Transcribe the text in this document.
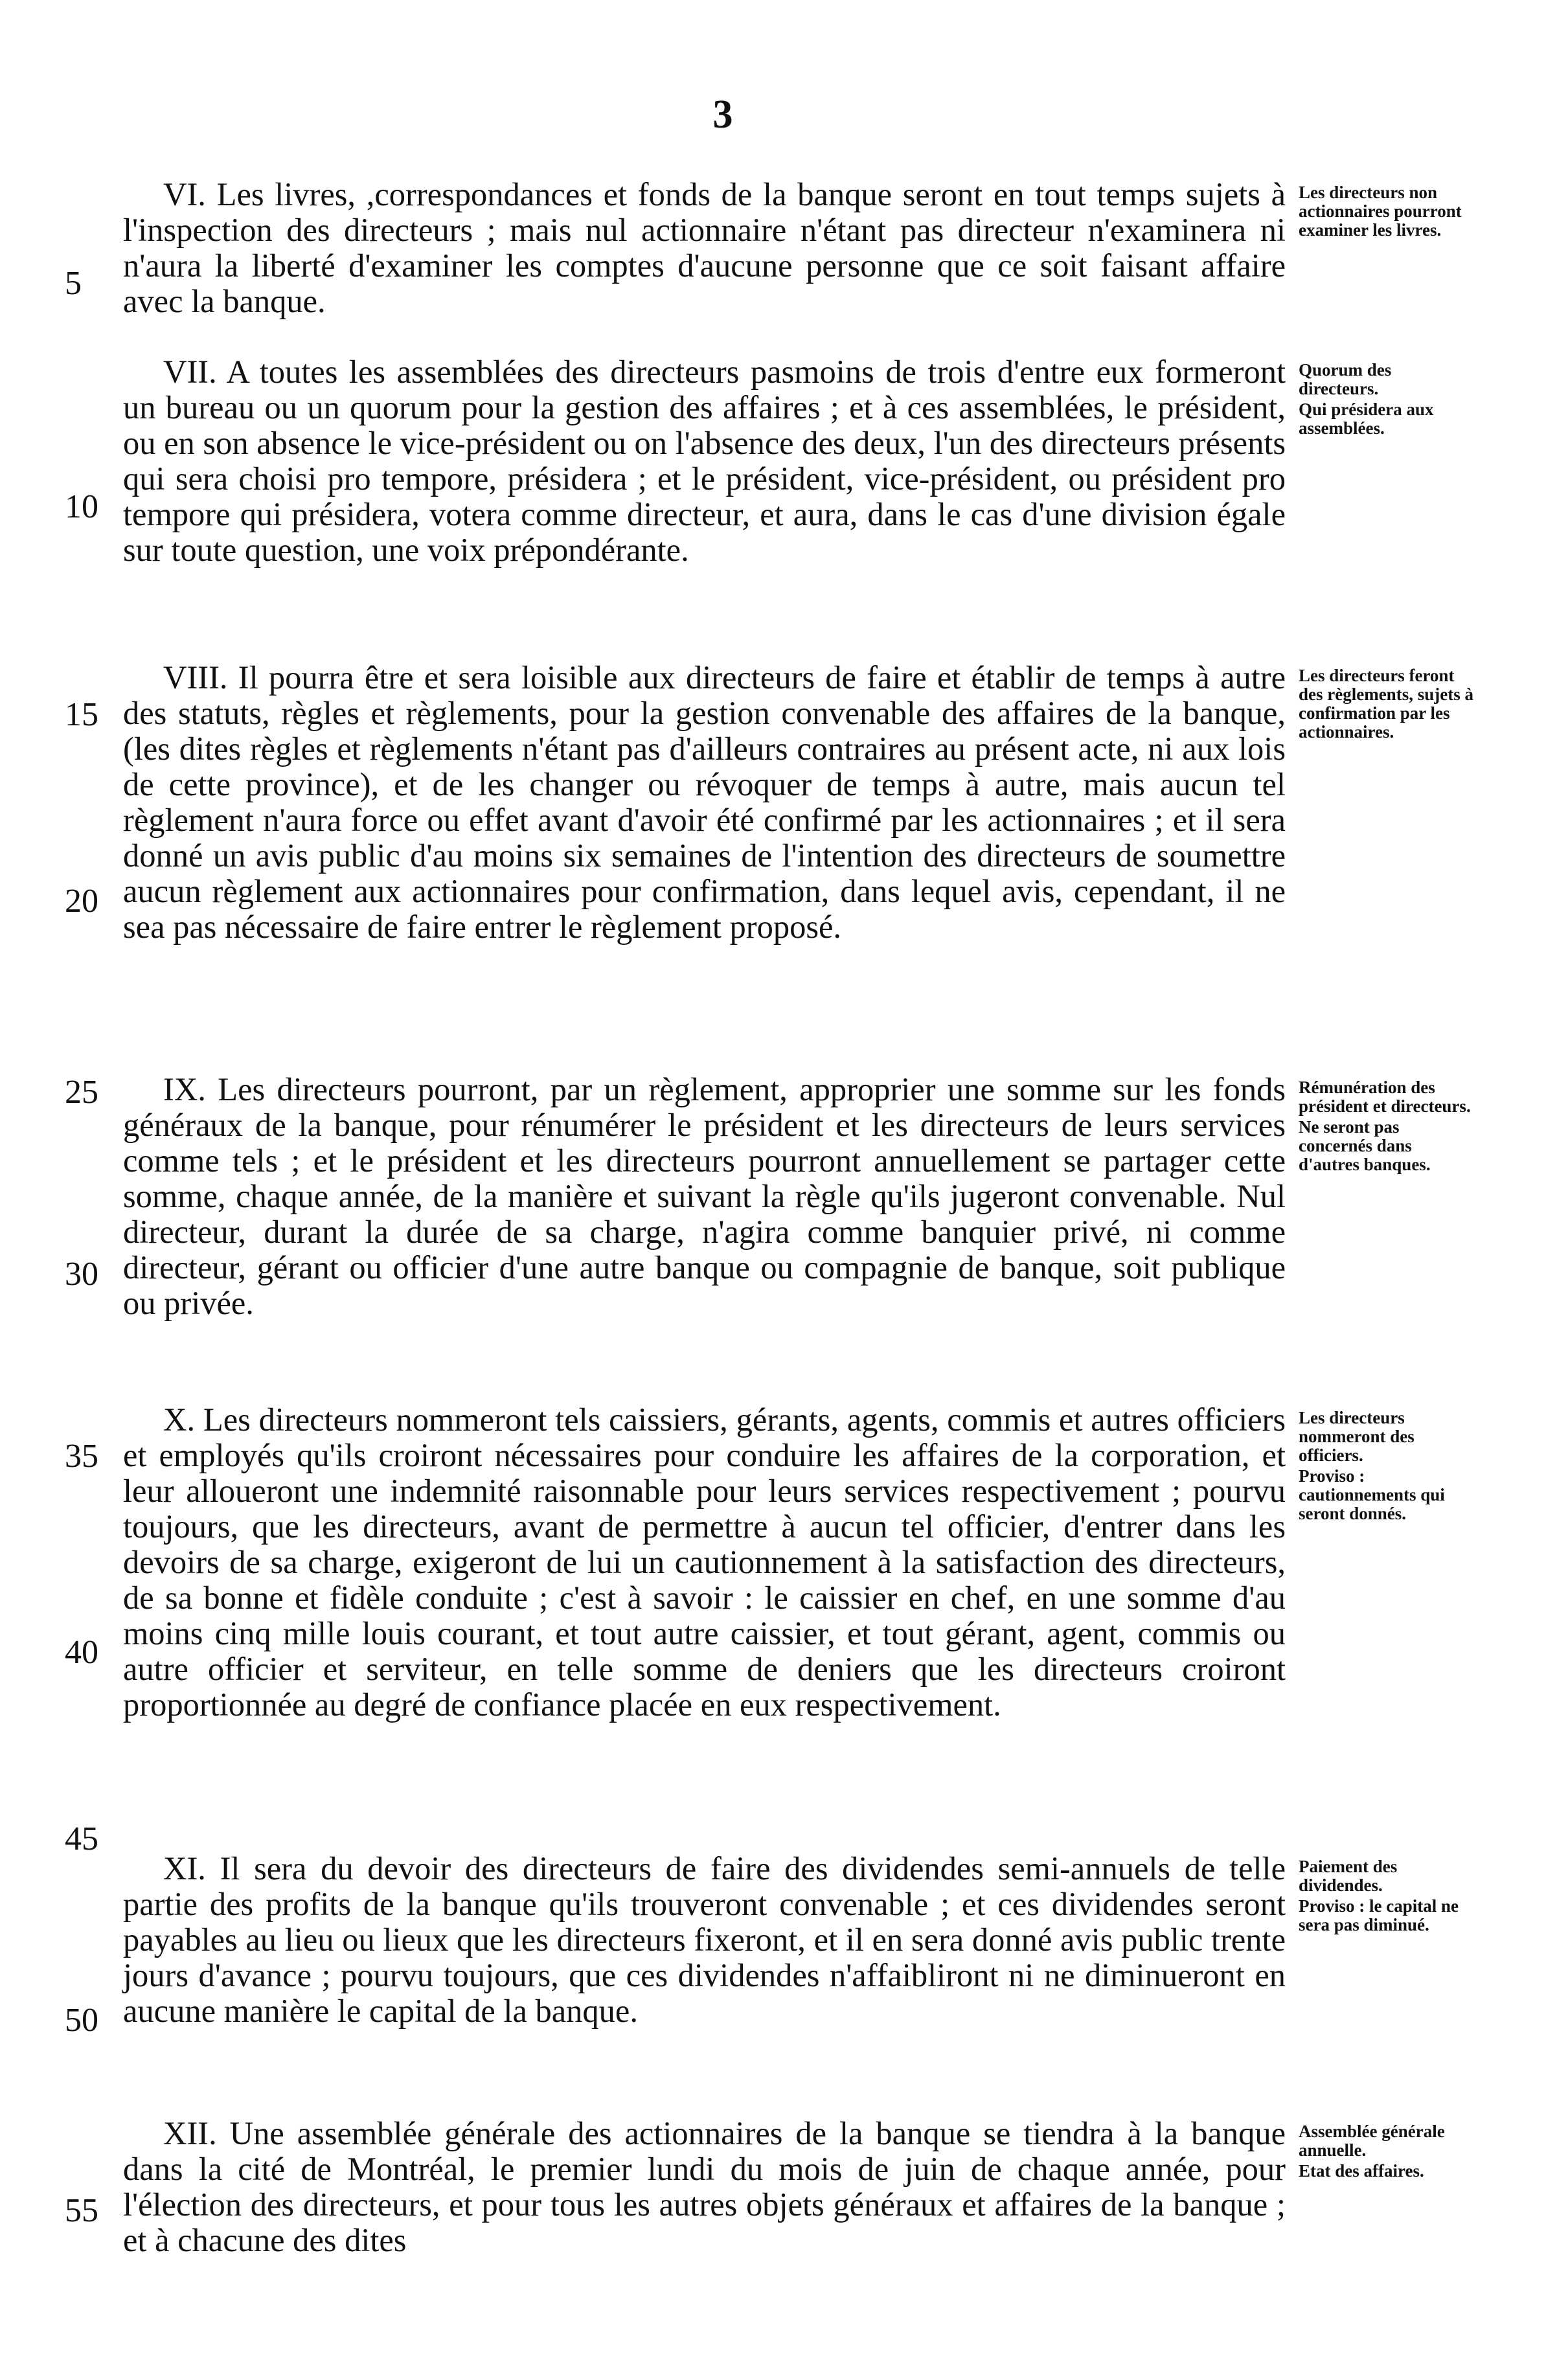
3
5
10
15
20
25
30
35
40
45
50
55

VI. Les livres, ,correspondances et fonds de la banque seront en tout temps sujets à l'inspection des directeurs ; mais nul actionnaire n'étant pas directeur n'examinera ni n'aura la liberté d'examiner les comptes d'aucune personne que ce soit faisant affaire avec la banque.

Les directeurs non actionnaires pourront examiner les livres.

VII. A toutes les assemblées des directeurs pasmoins de trois d'entre eux formeront un bureau ou un quorum pour la gestion des affaires ; et à ces assemblées, le président, ou en son absence le vice-président ou on l'absence des deux, l'un des directeurs présents qui sera choisi pro tempore, présidera ; et le président, vice-président, ou président pro tempore qui présidera, votera comme directeur, et aura, dans le cas d'une division égale sur toute question, une voix prépondérante.

Quorum des directeurs.
Qui présidera aux assemblées.

VIII. Il pourra être et sera loisible aux directeurs de faire et établir de temps à autre des statuts, règles et règlements, pour la gestion convenable des affaires de la banque, (les dites règles et règlements n'étant pas d'ailleurs contraires au présent acte, ni aux lois de cette province), et de les changer ou révoquer de temps à autre, mais aucun tel règlement n'aura force ou effet avant d'avoir été confirmé par les actionnaires ; et il sera donné un avis public d'au moins six semaines de l'intention des directeurs de soumettre aucun règlement aux actionnaires pour confirmation, dans lequel avis, cependant, il ne sea pas nécessaire de faire entrer le règlement proposé.

Les directeurs feront des règlements, sujets à confirmation par les actionnaires.

IX. Les directeurs pourront, par un règlement, approprier une somme sur les fonds généraux de la banque, pour rénumérer le président et les directeurs de leurs services comme tels ; et le président et les directeurs pourront annuellement se partager cette somme, chaque année, de la manière et suivant la règle qu'ils jugeront convenable. Nul directeur, durant la durée de sa charge, n'agira comme banquier privé, ni comme directeur, gérant ou officier d'une autre banque ou compagnie de banque, soit publique ou privée.

Rémunération des président et directeurs.
Ne seront pas concernés dans d'autres banques.

X. Les directeurs nommeront tels caissiers, gérants, agents, commis et autres officiers et employés qu'ils croiront nécessaires pour conduire les affaires de la corporation, et leur alloueront une indemnité raisonnable pour leurs services respectivement ; pourvu toujours, que les directeurs, avant de permettre à aucun tel officier, d'entrer dans les devoirs de sa charge, exigeront de lui un cautionnement à la satisfaction des directeurs, de sa bonne et fidèle conduite ; c'est à savoir : le caissier en chef, en une somme d'au moins cinq mille louis courant, et tout autre caissier, et tout gérant, agent, commis ou autre officier et serviteur, en telle somme de deniers que les directeurs croiront proportionnée au degré de confiance placée en eux respectivement.

Les directeurs nommeront des officiers.
Proviso : cautionnements qui seront donnés.

XI. Il sera du devoir des directeurs de faire des dividendes semi-annuels de telle partie des profits de la banque qu'ils trouveront convenable ; et ces dividendes seront payables au lieu ou lieux que les directeurs fixeront, et il en sera donné avis public trente jours d'avance ; pourvu toujours, que ces dividendes n'affaibliront ni ne diminueront en aucune manière le capital de la banque.

Paiement des dividendes.
Proviso : le capital ne sera pas diminué.

XII. Une assemblée générale des actionnaires de la banque se tiendra à la banque dans la cité de Montréal, le premier lundi du mois de juin de chaque année, pour l'élection des directeurs, et pour tous les autres objets généraux et affaires de la banque ; et à chacune des dites

Assemblée générale annuelle.
Etat des affaires.
